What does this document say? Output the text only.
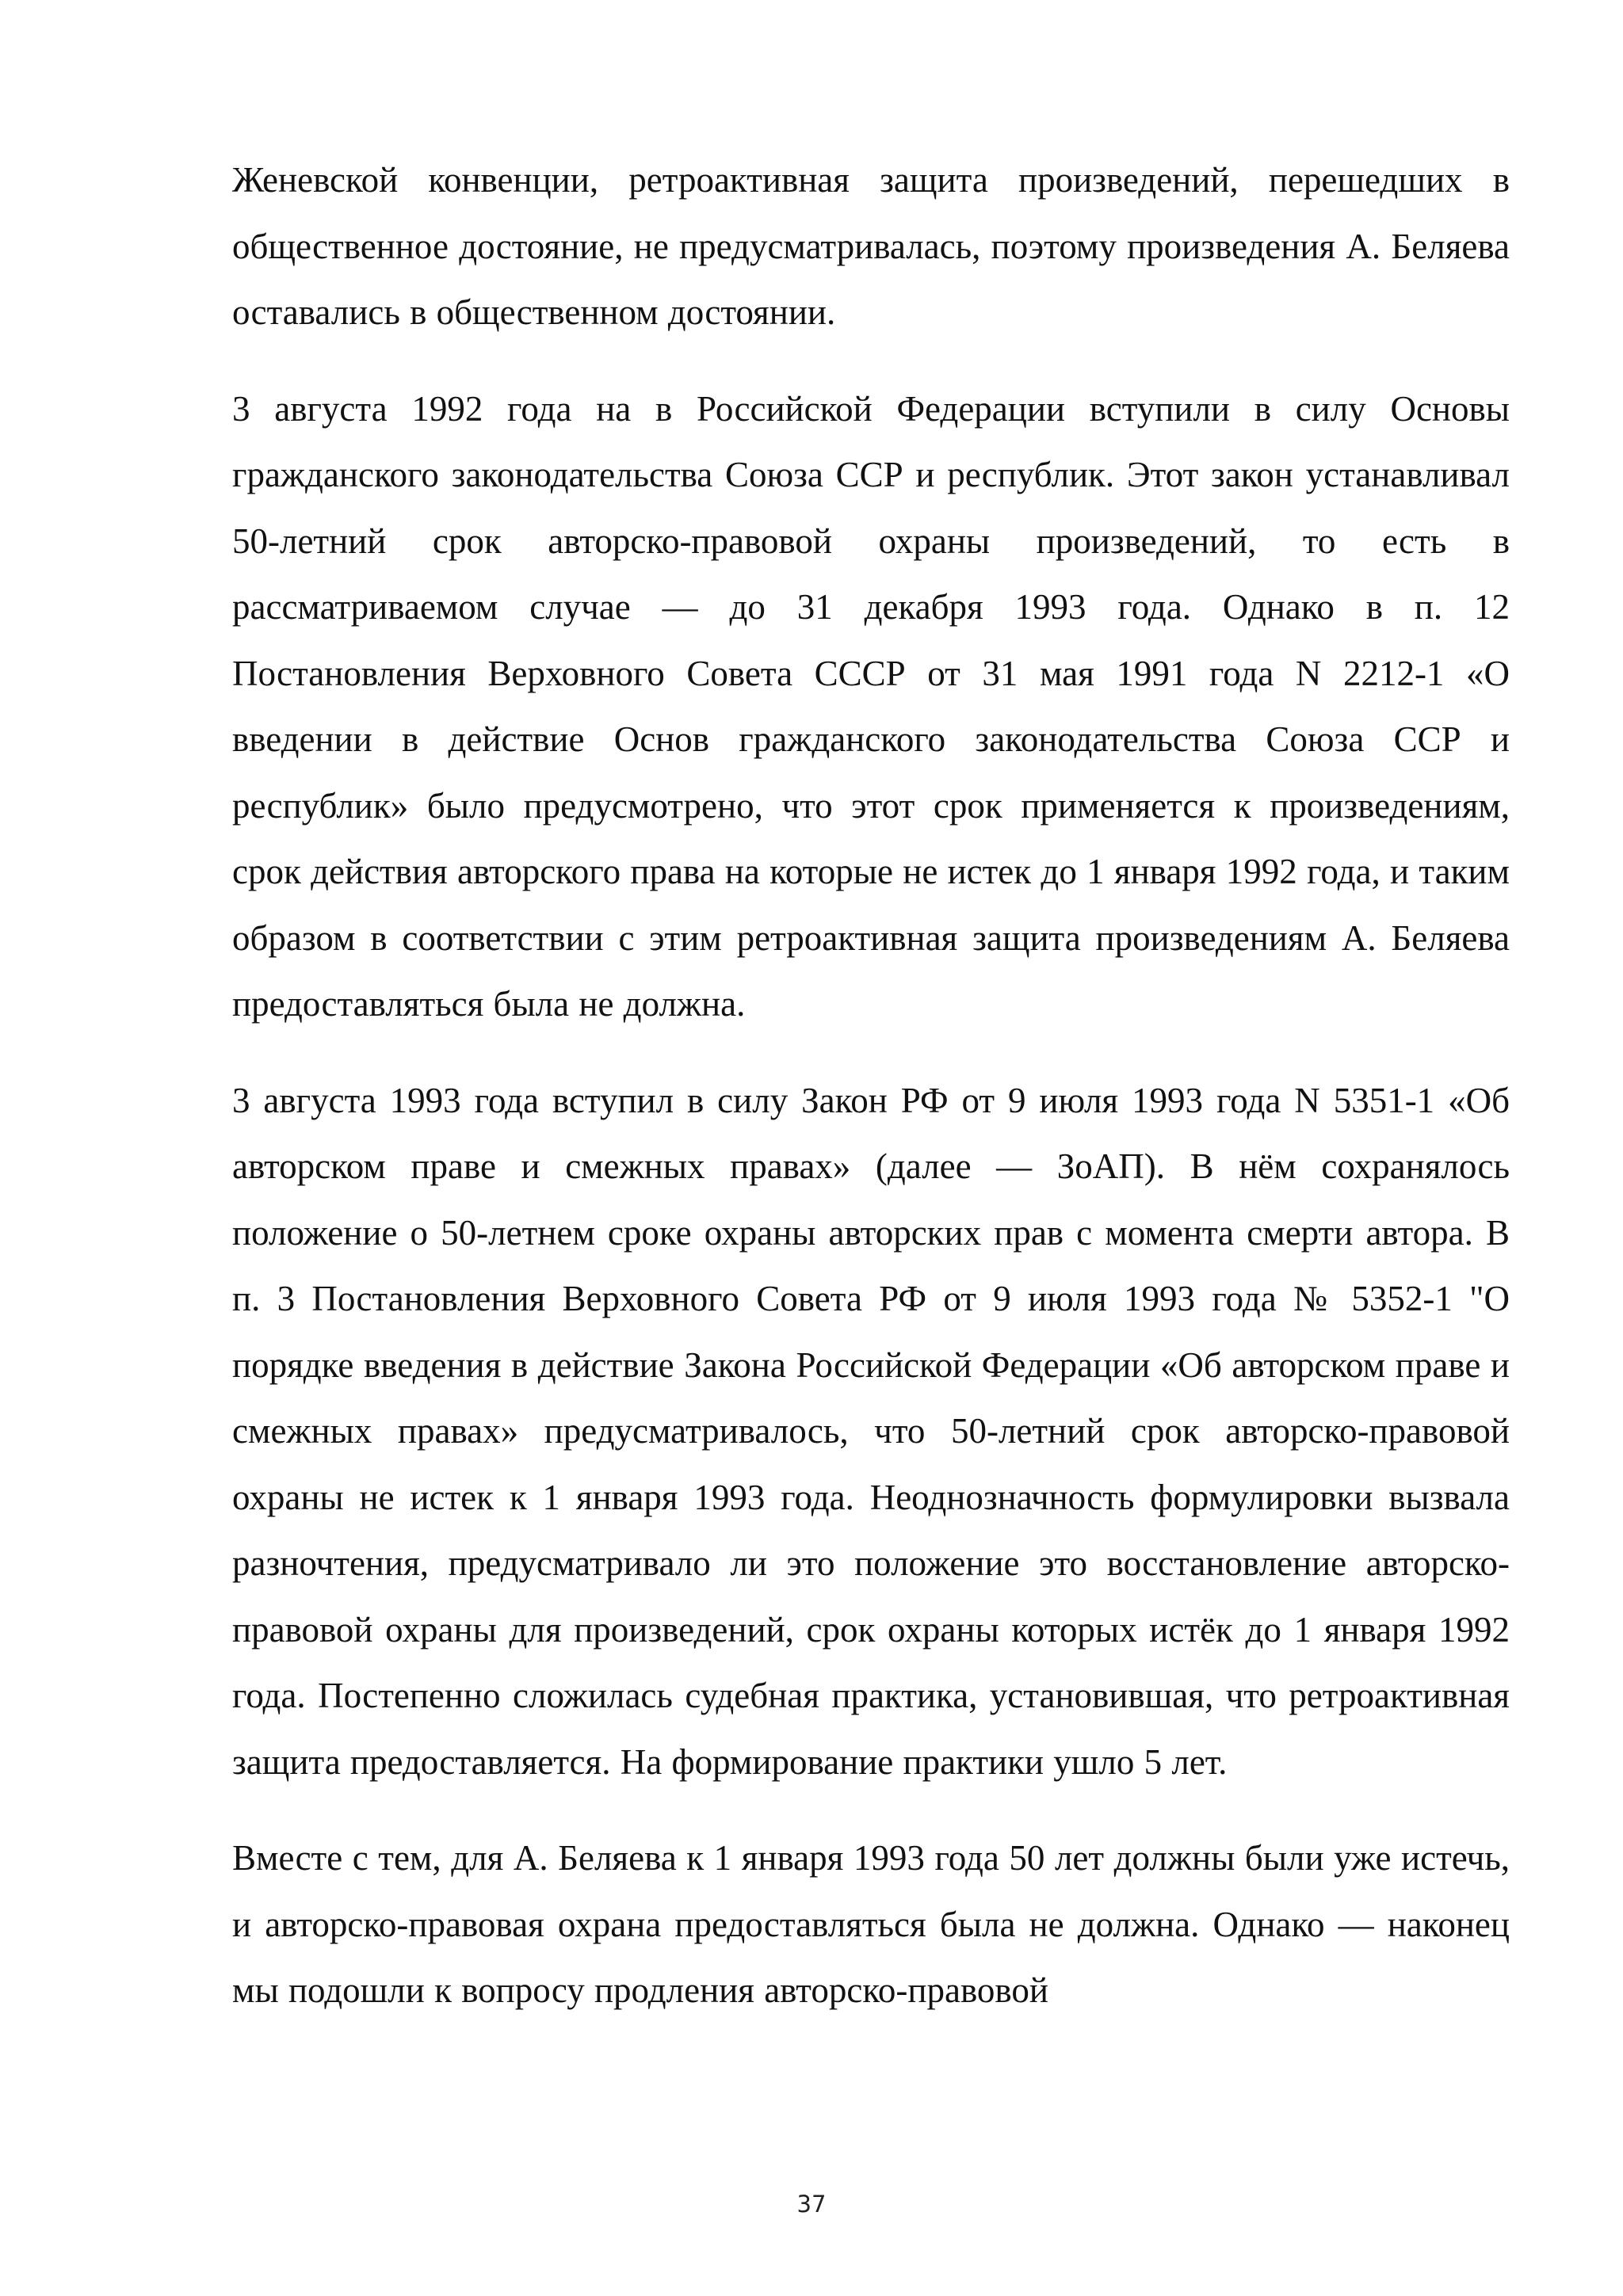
Женевской конвенции, ретроактивная защита произведений, перешедших в общественное достояние, не предусматривалась, поэтому произведения А. Беляева оставались в общественном достоянии.

3 августа 1992 года на в Российской Федерации вступили в силу Основы гражданского законодательства Союза ССР и республик. Этот закон устанавливал 50-летний срок авторско-правовой охраны произведений, то есть в рассматриваемом случае — до 31 декабря 1993 года. Однако в п. 12 Постановления Верховного Совета СССР от 31 мая 1991 года N 2212-1 «О введении в действие Основ гражданского законодательства Союза ССР и республик» было предусмотрено, что этот срок применяется к произведениям, срок действия авторского права на которые не истек до 1 января 1992 года, и таким образом в соответствии с этим ретроактивная защита произведениям А. Беляева предоставляться была не должна.

3 августа 1993 года вступил в силу Закон РФ от 9 июля 1993 года N 5351-1 «Об авторском праве и смежных правах» (далее — ЗоАП). В нём сохранялось положение о 50-летнем сроке охраны авторских прав с момента смерти автора. В п. 3 Постановления Верховного Совета РФ от 9 июля 1993 года № 5352-1 "О порядке введения в действие Закона Российской Федерации «Об авторском праве и смежных правах» предусматривалось, что 50-летний срок авторско-правовой охраны не истек к 1 января 1993 года. Неоднозначность формулировки вызвала разночтения, предусматривало ли это положение это восстановление авторско-правовой охраны для произведений, срок охраны которых истёк до 1 января 1992 года. Постепенно сложилась судебная практика, установившая, что ретроактивная защита предоставляется. На формирование практики ушло 5 лет.

Вместе с тем, для А. Беляева к 1 января 1993 года 50 лет должны были уже истечь, и авторско-правовая охрана предоставляться была не должна. Однако — наконец мы подошли к вопросу продления авторско-правовой

37
